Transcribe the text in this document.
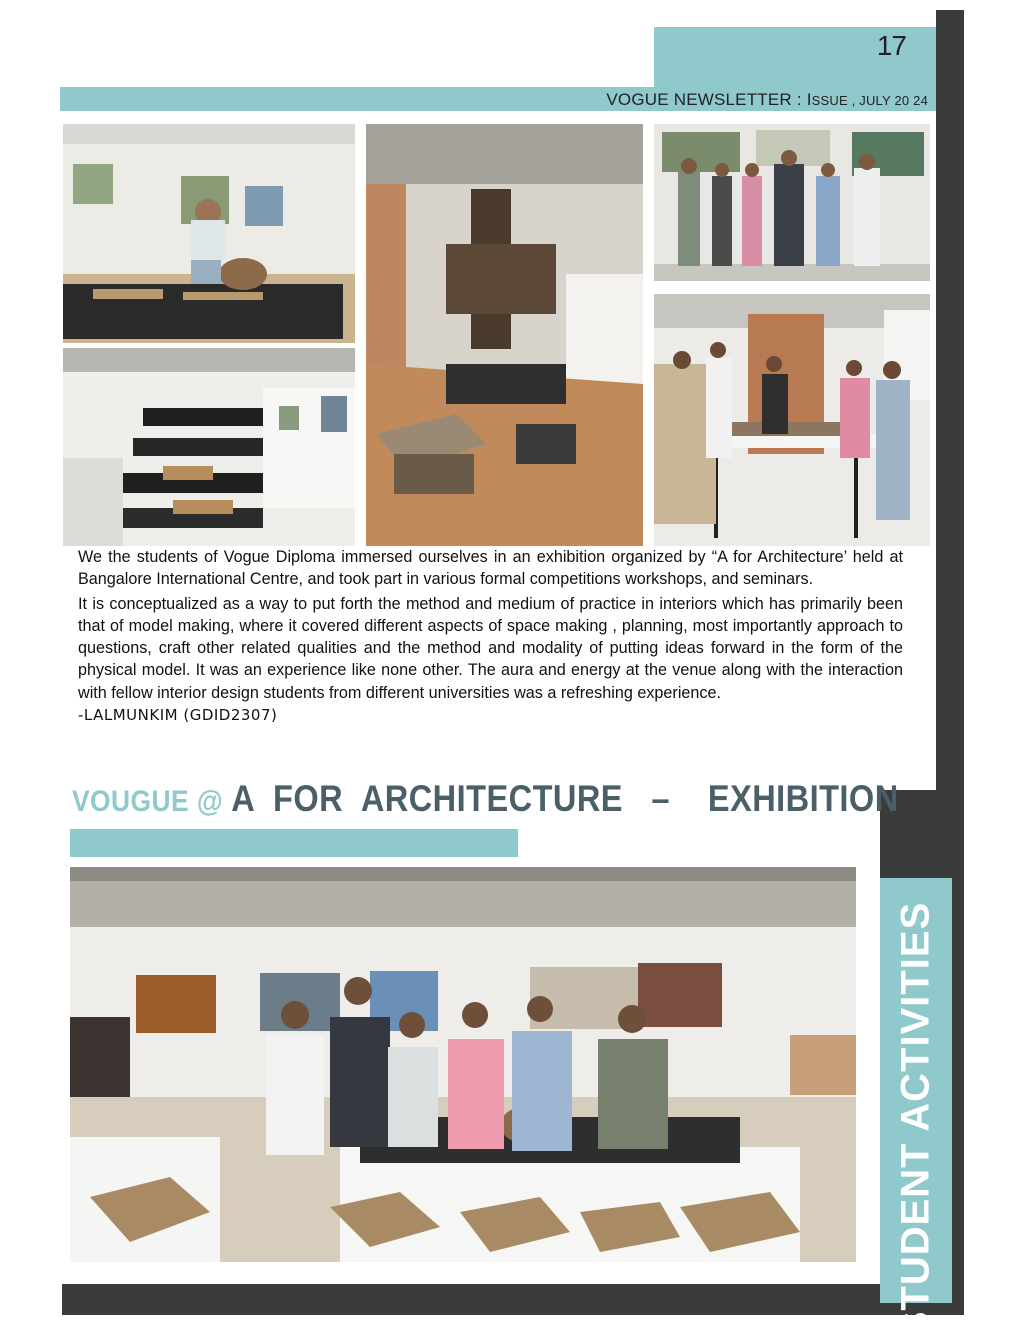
17
VOGUE NEWSLETTER : ISSUE , JULY 20 24
STUDENT ACTIVITIES

We the students of Vogue Diploma immersed ourselves in an exhibition organized by “A for Architecture’ held at Bangalore International Centre, and took part in various formal competitions workshops, and seminars.

It is conceptualized as a way to put forth the method and medium of practice in interiors which has primarily been that of model making, where it covered different aspects of space making , planning, most importantly approach to questions, craft other related qualities and the method and modality of putting ideas forward in the form of the physical model. It was an experience like none other. The aura and energy at the venue along with the interaction with fellow interior design students from different universities was a refreshing experience.

-LALMUNKIM (GDID2307)

VOUGUE @ A  FOR  ARCHITECTURE   –    EXHIBITION
